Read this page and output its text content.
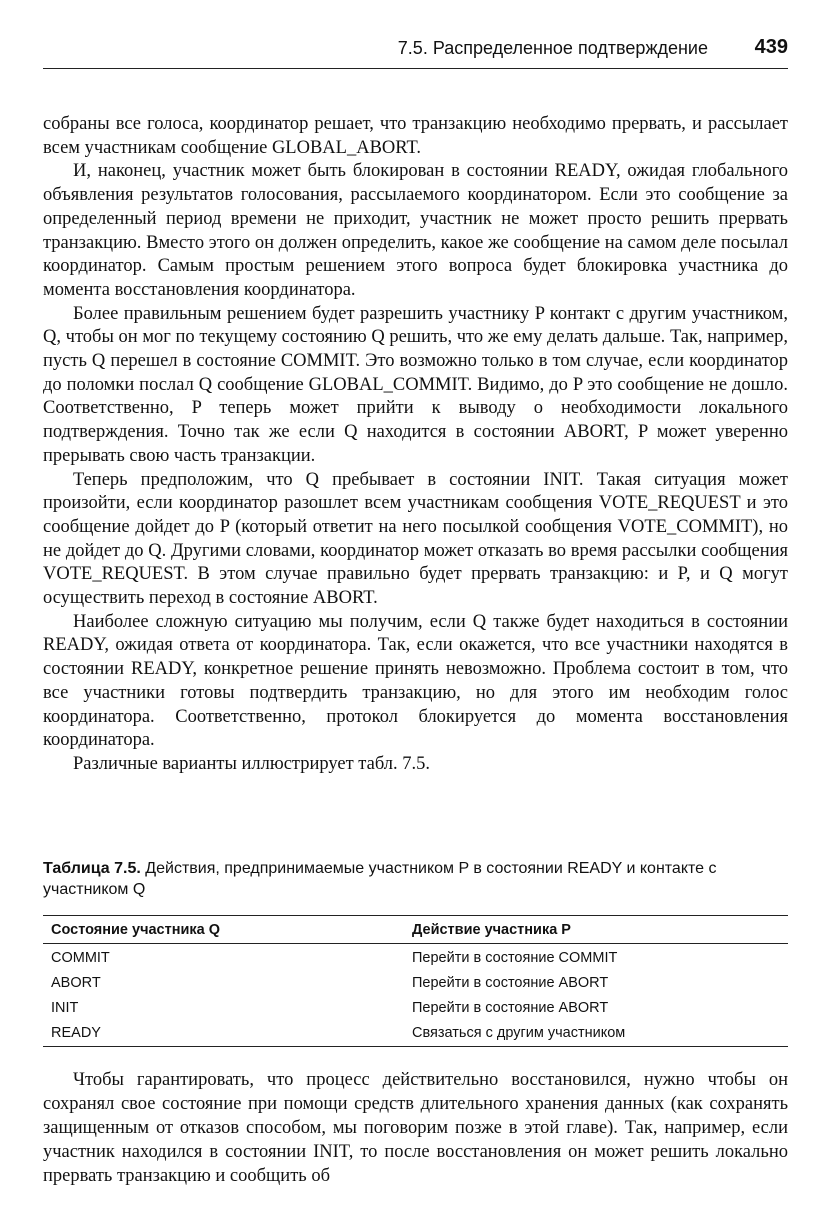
7.5. Распределенное подтверждение 439

собраны все голоса, координатор решает, что транзакцию необходимо прервать, и рассылает всем участникам сообщение GLOBAL_ABORT.

И, наконец, участник может быть блокирован в состоянии READY, ожидая глобального объявления результатов голосования, рассылаемого координатором. Если это сообщение за определенный период времени не приходит, участник не может просто решить прервать транзакцию. Вместо этого он должен определить, какое же сообщение на самом деле посылал координатор. Самым простым решением этого вопроса будет блокировка участника до момента восстановления координатора.

Более правильным решением будет разрешить участнику P контакт с другим участником, Q, чтобы он мог по текущему состоянию Q решить, что же ему делать дальше. Так, например, пусть Q перешел в состояние COMMIT. Это возможно только в том случае, если координатор до поломки послал Q сообщение GLOBAL_COMMIT. Видимо, до P это сообщение не дошло. Соответственно, P теперь может прийти к выводу о необходимости локального подтверждения. Точно так же если Q находится в состоянии ABORT, P может уверенно прерывать свою часть транзакции.

Теперь предположим, что Q пребывает в состоянии INIT. Такая ситуация может произойти, если координатор разошлет всем участникам сообщения VOTE_REQUEST и это сообщение дойдет до P (который ответит на него посылкой сообщения VOTE_COMMIT), но не дойдет до Q. Другими словами, координатор может отказать во время рассылки сообщения VOTE_REQUEST. В этом случае правильно будет прервать транзакцию: и P, и Q могут осуществить переход в состояние ABORT.

Наиболее сложную ситуацию мы получим, если Q также будет находиться в состоянии READY, ожидая ответа от координатора. Так, если окажется, что все участники находятся в состоянии READY, конкретное решение принять невозможно. Проблема состоит в том, что все участники готовы подтвердить транзакцию, но для этого им необходим голос координатора. Соответственно, протокол блокируется до момента восстановления координатора.

Различные варианты иллюстрирует табл. 7.5.

Таблица 7.5. Действия, предпринимаемые участником P в состоянии READY и контакте с участником Q
Состояние участника Q	Действие участника P
COMMIT	Перейти в состояние COMMIT
ABORT	Перейти в состояние ABORT
INIT	Перейти в состояние ABORT
READY	Связаться с другим участником

Чтобы гарантировать, что процесс действительно восстановился, нужно чтобы он сохранял свое состояние при помощи средств длительного хранения данных (как сохранять защищенным от отказов способом, мы поговорим позже в этой главе). Так, например, если участник находился в состоянии INIT, то после восстановления он может решить локально прервать транзакцию и сообщить об
